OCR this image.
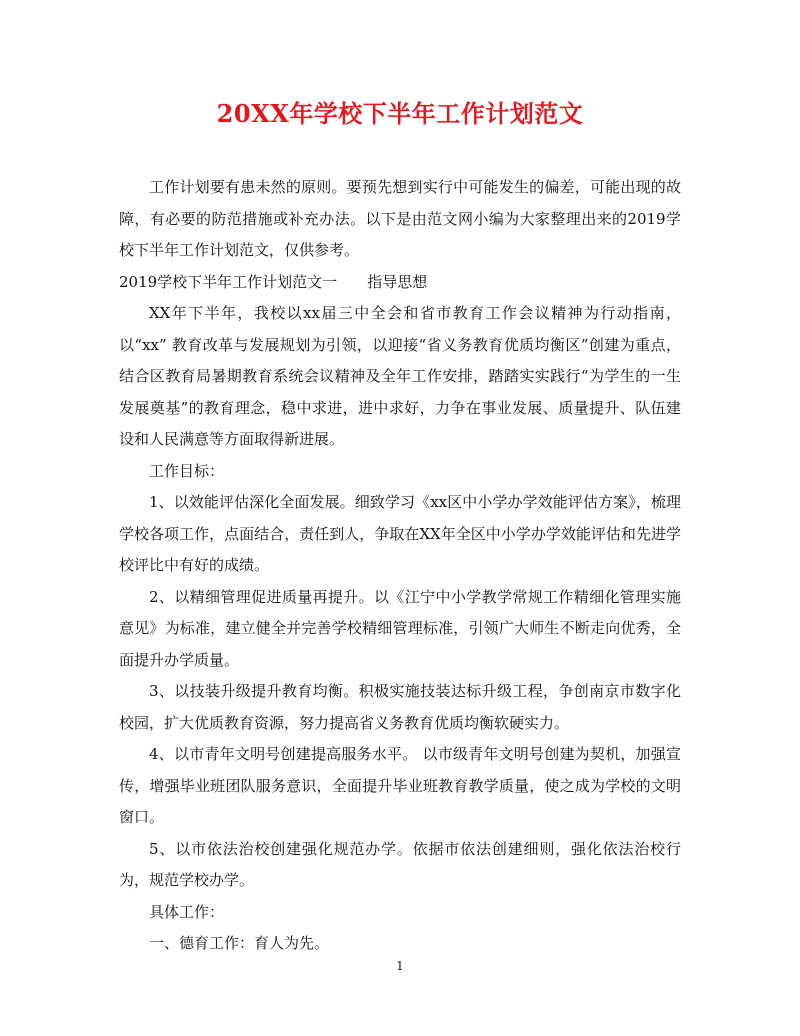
20XX年学校下半年工作计划范文

工作计划要有患未然的原则。要预先想到实行中可能发生的偏差，可能出现的故障，有必要的防范措施或补充办法。以下是由范文网小编为大家整理出来的2019学校下半年工作计划范文，仅供参考。

2019学校下半年工作计划范文一 指导思想

XX年下半年，我校以xx届三中全会和省市教育工作会议精神为行动指南，以“xx” 教育改革与发展规划为引领，以迎接“省义务教育优质均衡区”创建为重点，结合区教育局暑期教育系统会议精神及全年工作安排，踏踏实实践行“为学生的一生发展奠基”的教育理念，稳中求进，进中求好，力争在事业发展、质量提升、队伍建设和人民满意等方面取得新进展。

工作目标：

1、以效能评估深化全面发展。细致学习《xx区中小学办学效能评估方案》，梳理学校各项工作，点面结合，责任到人，争取在XX年全区中小学办学效能评估和先进学校评比中有好的成绩。

2、以精细管理促进质量再提升。以《江宁中小学教学常规工作精细化管理实施意见》为标准，建立健全并完善学校精细管理标准，引领广大师生不断走向优秀，全面提升办学质量。

3、以技装升级提升教育均衡。积极实施技装达标升级工程，争创南京市数字化校园，扩大优质教育资源，努力提高省义务教育优质均衡软硬实力。

4、以市青年文明号创建提高服务水平。 以市级青年文明号创建为契机，加强宣传，增强毕业班团队服务意识，全面提升毕业班教育教学质量，使之成为学校的文明窗口。

5、以市依法治校创建强化规范办学。依据市依法创建细则，强化依法治校行为，规范学校办学。

具体工作：

一、德育工作：育人为先。

1
